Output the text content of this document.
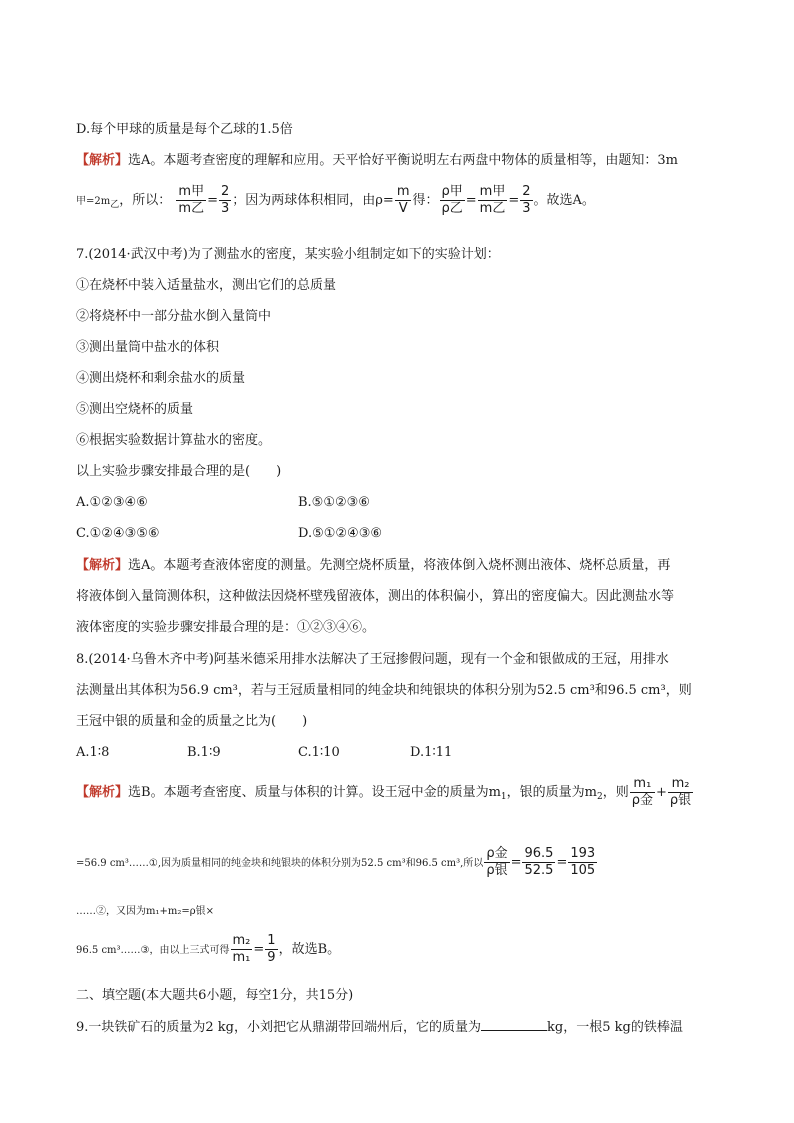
D.每个甲球的质量是每个乙球的1.5倍
【解析】选A。本题考查密度的理解和应用。天平恰好平衡说明左右两盘中物体的质量相等，由题知：3m
甲$=2m_乙$，所以： $\frac{\text{m甲}}{\text{m乙}} = \frac{2}{3}$ ；因为两球体积相同，由$\rho= \frac{m}{V}$ 得： $\frac{\text{ρ甲}}{\text{ρ乙}} = \frac{\text{m甲}}{\text{m乙}} = \frac{2}{3}$ 。故选A。
7.(2014·武汉中考)为了测盐水的密度，某实验小组制定如下的实验计划：
①在烧杯中装入适量盐水，测出它们的总质量
②将烧杯中一部分盐水倒入量筒中
③测出量筒中盐水的体积
④测出烧杯和剩余盐水的质量
⑤测出空烧杯的质量
⑥根据实验数据计算盐水的密度。
以上实验步骤安排最合理的是(　　)
A.①②③④⑥	B.⑤①②③⑥
C.①②④③⑤⑥	D.⑤①②④③⑥
【解析】选A。本题考查液体密度的测量。先测空烧杯质量，将液体倒入烧杯测出液体、烧杯总质量，再
将液体倒入量筒测体积，这种做法因烧杯壁残留液体，测出的体积偏小，算出的密度偏大。因此测盐水等
液体密度的实验步骤安排最合理的是：①②③④⑥。
8.(2014·乌鲁木齐中考)阿基米德采用排水法解决了王冠掺假问题，现有一个金和银做成的王冠，用排水
法测量出其体积为56.9 cm³，若与王冠质量相同的纯金块和纯银块的体积分别为52.5 cm³和96.5 cm³，则
王冠中银的质量和金的质量之比为(　　)
A.1∶8	B.1∶9	C.1∶10	D.1∶11
【解析】选B。本题考查密度、质量与体积的计算。设王冠中金的质量为$m_1$，银的质量为$m_2$，则 $\frac{\text{m₁}}{\text{ρ金}} + \frac{\text{m₂}}{\text{ρ银}}$
=56.9 cm³……①,因为质量相同的纯金块和纯银块的体积分别为52.5 cm³和96.5 cm³,所以 $\frac{\text{ρ金}}{\text{ρ银}} = \frac{96.5}{52.5} = \frac{193}{105}$
……②，又因为m₁+m₂=ρ银×
96.5 cm³……③，由以上三式可得 $\frac{\text{m₂}}{\text{m₁}} = \frac{1}{9}$ ，故选B。
二、填空题(本大题共6小题，每空1分，共15分)
9.一块铁矿石的质量为2 kg，小刘把它从鼎湖带回端州后，它的质量为	kg，一根5 kg的铁棒温
